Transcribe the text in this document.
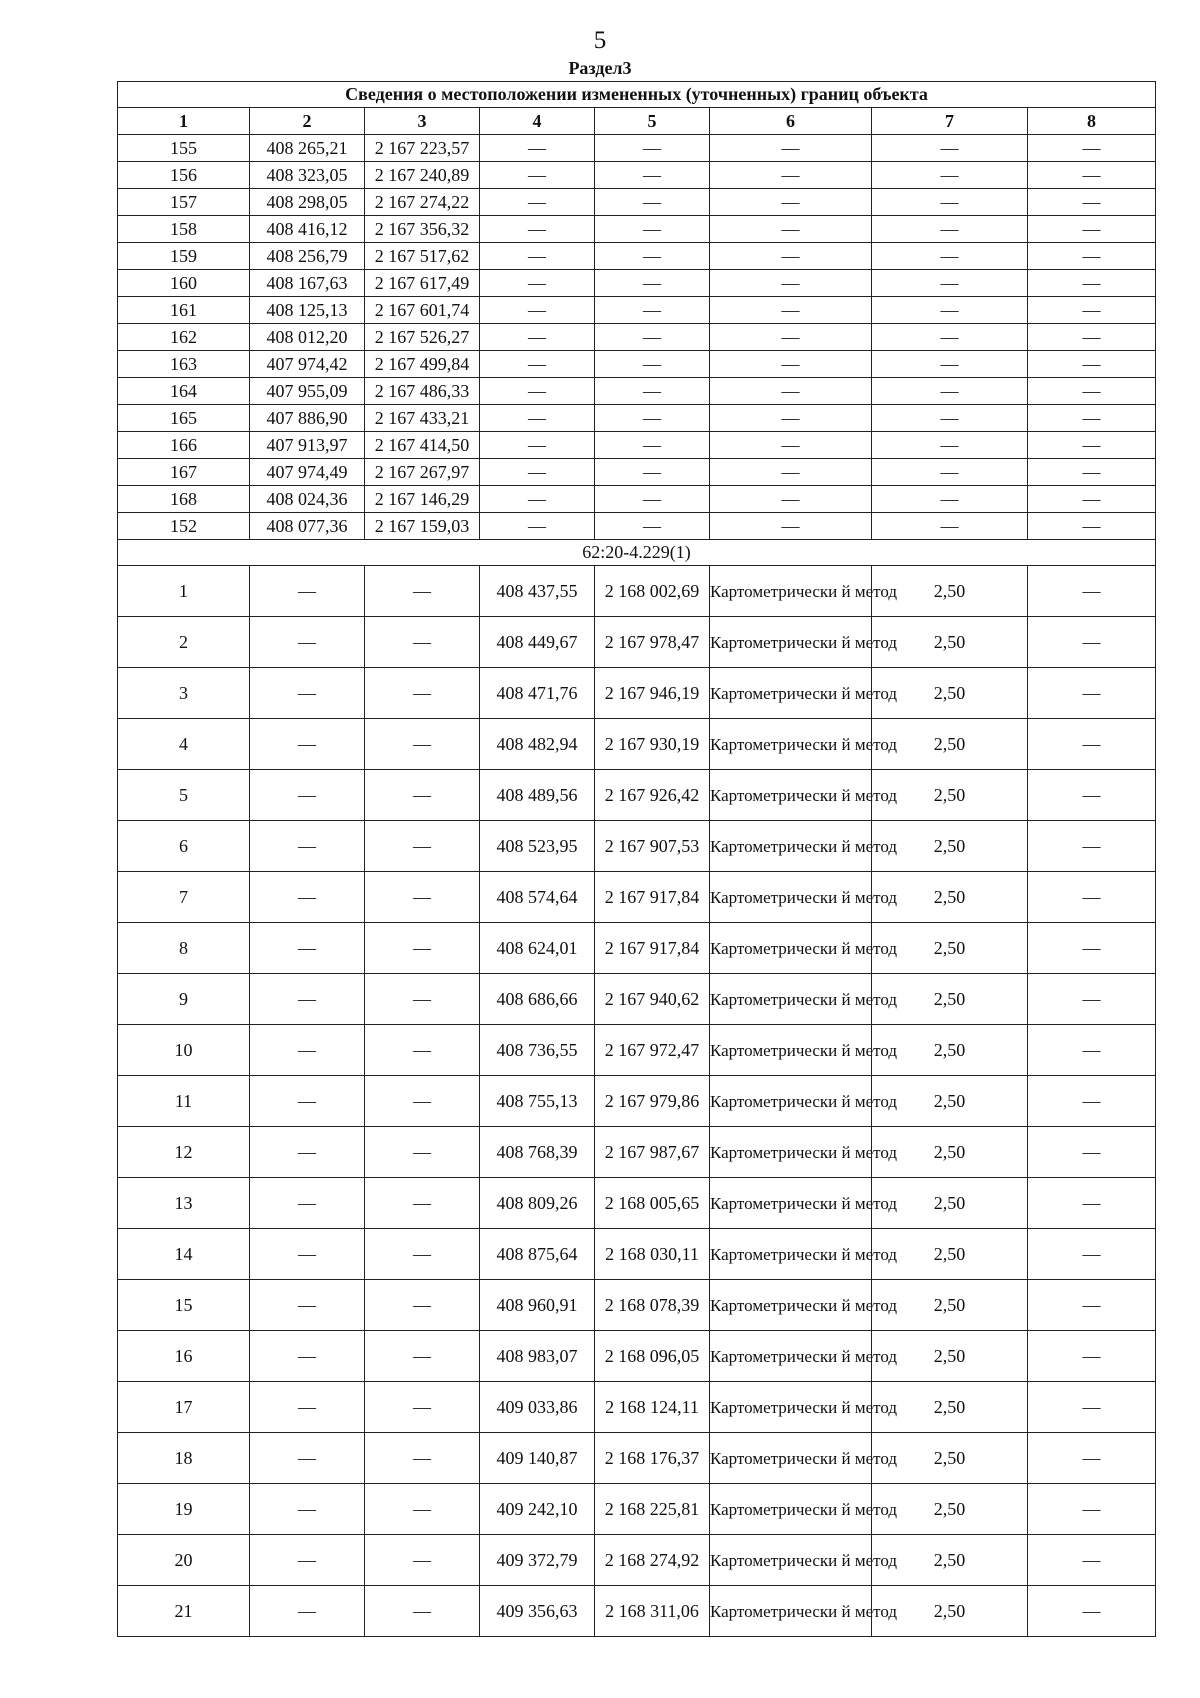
5
Раздел3
Сведения о местоположении измененных (уточненных) границ объекта							
1	2	3	4	5	6	7	8
155	408 265,21	2 167 223,57	—	—	—	—	—
156	408 323,05	2 167 240,89	—	—	—	—	—
157	408 298,05	2 167 274,22	—	—	—	—	—
158	408 416,12	2 167 356,32	—	—	—	—	—
159	408 256,79	2 167 517,62	—	—	—	—	—
160	408 167,63	2 167 617,49	—	—	—	—	—
161	408 125,13	2 167 601,74	—	—	—	—	—
162	408 012,20	2 167 526,27	—	—	—	—	—
163	407 974,42	2 167 499,84	—	—	—	—	—
164	407 955,09	2 167 486,33	—	—	—	—	—
165	407 886,90	2 167 433,21	—	—	—	—	—
166	407 913,97	2 167 414,50	—	—	—	—	—
167	407 974,49	2 167 267,97	—	—	—	—	—
168	408 024,36	2 167 146,29	—	—	—	—	—
152	408 077,36	2 167 159,03	—	—	—	—	—
62:20-4.229(1)							
1	—	—	408 437,55	2 168 002,69	Картометрически й метод	2,50	—
2	—	—	408 449,67	2 167 978,47	Картометрически й метод	2,50	—
3	—	—	408 471,76	2 167 946,19	Картометрически й метод	2,50	—
4	—	—	408 482,94	2 167 930,19	Картометрически й метод	2,50	—
5	—	—	408 489,56	2 167 926,42	Картометрически й метод	2,50	—
6	—	—	408 523,95	2 167 907,53	Картометрически й метод	2,50	—
7	—	—	408 574,64	2 167 917,84	Картометрически й метод	2,50	—
8	—	—	408 624,01	2 167 917,84	Картометрически й метод	2,50	—
9	—	—	408 686,66	2 167 940,62	Картометрически й метод	2,50	—
10	—	—	408 736,55	2 167 972,47	Картометрически й метод	2,50	—
11	—	—	408 755,13	2 167 979,86	Картометрически й метод	2,50	—
12	—	—	408 768,39	2 167 987,67	Картометрически й метод	2,50	—
13	—	—	408 809,26	2 168 005,65	Картометрически й метод	2,50	—
14	—	—	408 875,64	2 168 030,11	Картометрически й метод	2,50	—
15	—	—	408 960,91	2 168 078,39	Картометрически й метод	2,50	—
16	—	—	408 983,07	2 168 096,05	Картометрически й метод	2,50	—
17	—	—	409 033,86	2 168 124,11	Картометрически й метод	2,50	—
18	—	—	409 140,87	2 168 176,37	Картометрически й метод	2,50	—
19	—	—	409 242,10	2 168 225,81	Картометрически й метод	2,50	—
20	—	—	409 372,79	2 168 274,92	Картометрически й метод	2,50	—
21	—	—	409 356,63	2 168 311,06	Картометрически й метод	2,50	—
